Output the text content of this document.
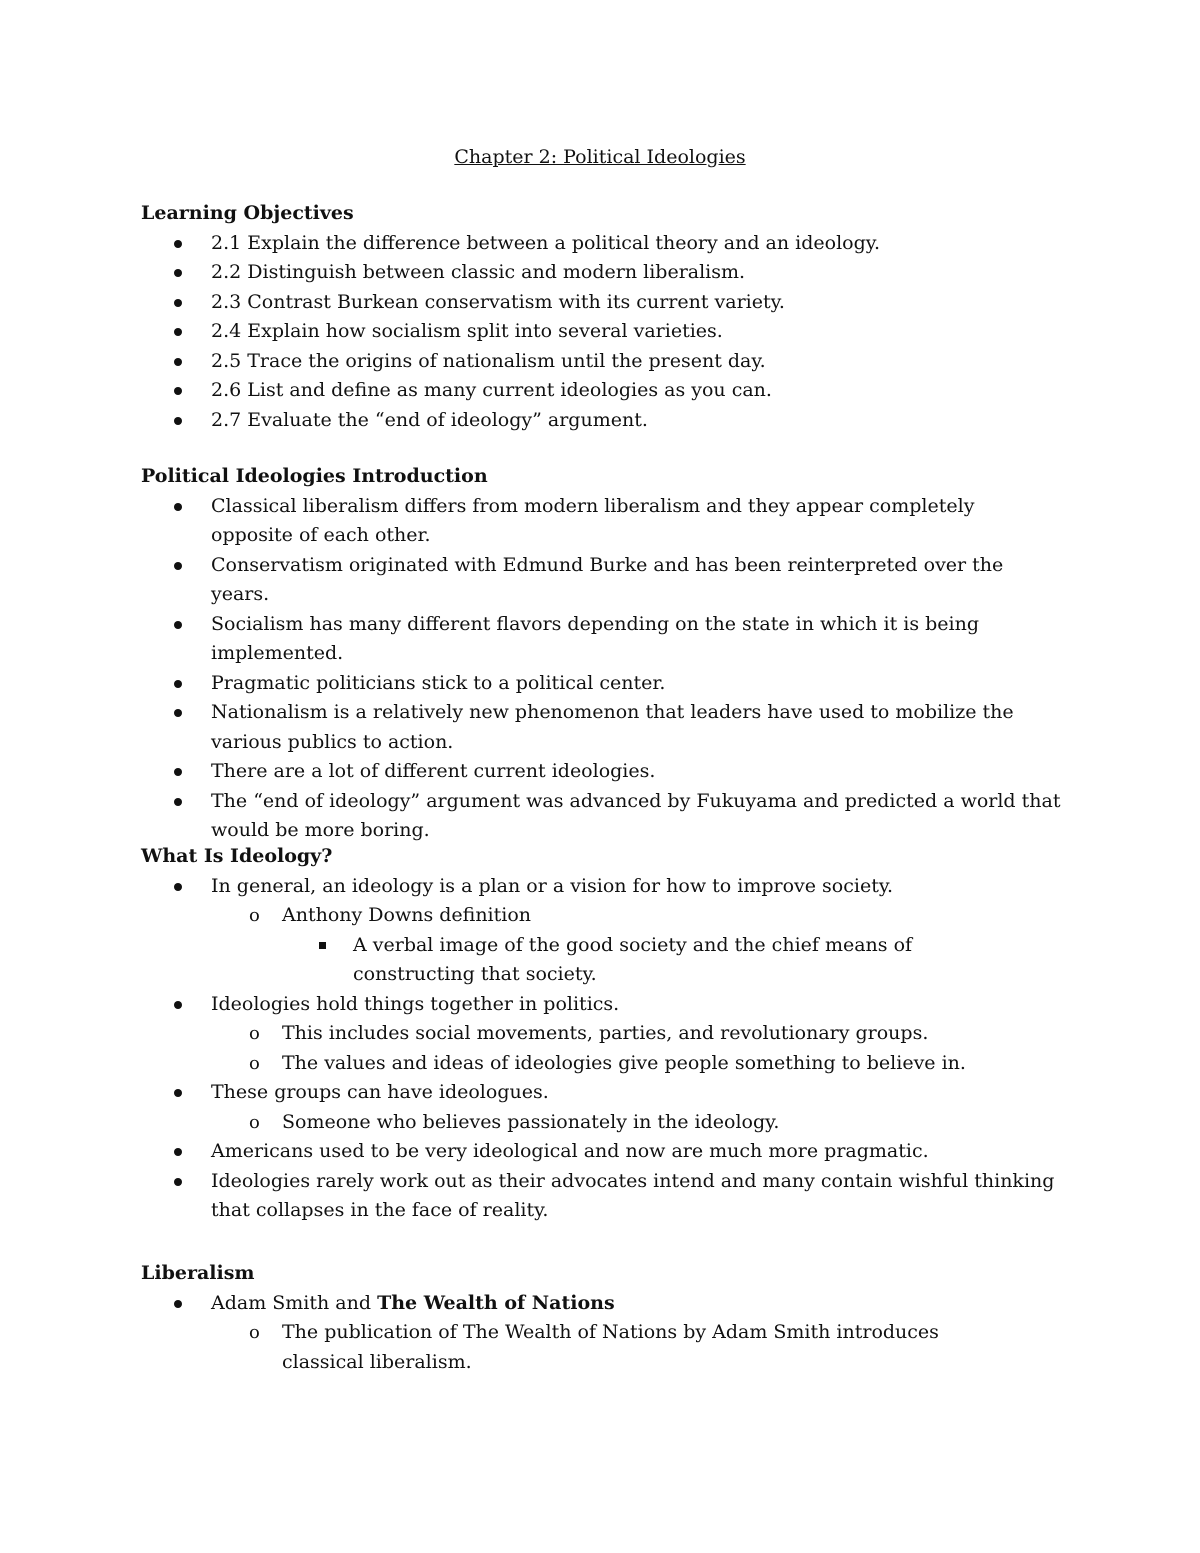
Chapter 2: Political Ideologies
Learning Objectives
2.1 Explain the difference between a political theory and an ideology.
2.2 Distinguish between classic and modern liberalism.
2.3 Contrast Burkean conservatism with its current variety.
2.4 Explain how socialism split into several varieties.
2.5 Trace the origins of nationalism until the present day.
2.6 List and define as many current ideologies as you can.
2.7 Evaluate the “end of ideology” argument.
Political Ideologies Introduction
Classical liberalism differs from modern liberalism and they appear completely opposite of each other.
Conservatism originated with Edmund Burke and has been reinterpreted over the years.
Socialism has many different flavors depending on the state in which it is being implemented.
Pragmatic politicians stick to a political center.
Nationalism is a relatively new phenomenon that leaders have used to mobilize the various publics to action.
There are a lot of different current ideologies.
The “end of ideology” argument was advanced by Fukuyama and predicted a world that would be more boring.
What Is Ideology?
In general, an ideology is a plan or a vision for how to improve society.
o Anthony Downs definition
A verbal image of the good society and the chief means of constructing that society.
Ideologies hold things together in politics.
o This includes social movements, parties, and revolutionary groups.
o The values and ideas of ideologies give people something to believe in.
These groups can have ideologues.
o Someone who believes passionately in the ideology.
Americans used to be very ideological and now are much more pragmatic.
Ideologies rarely work out as their advocates intend and many contain wishful thinking that collapses in the face of reality.
Liberalism
Adam Smith and The Wealth of Nations
o The publication of The Wealth of Nations by Adam Smith introduces classical liberalism.
